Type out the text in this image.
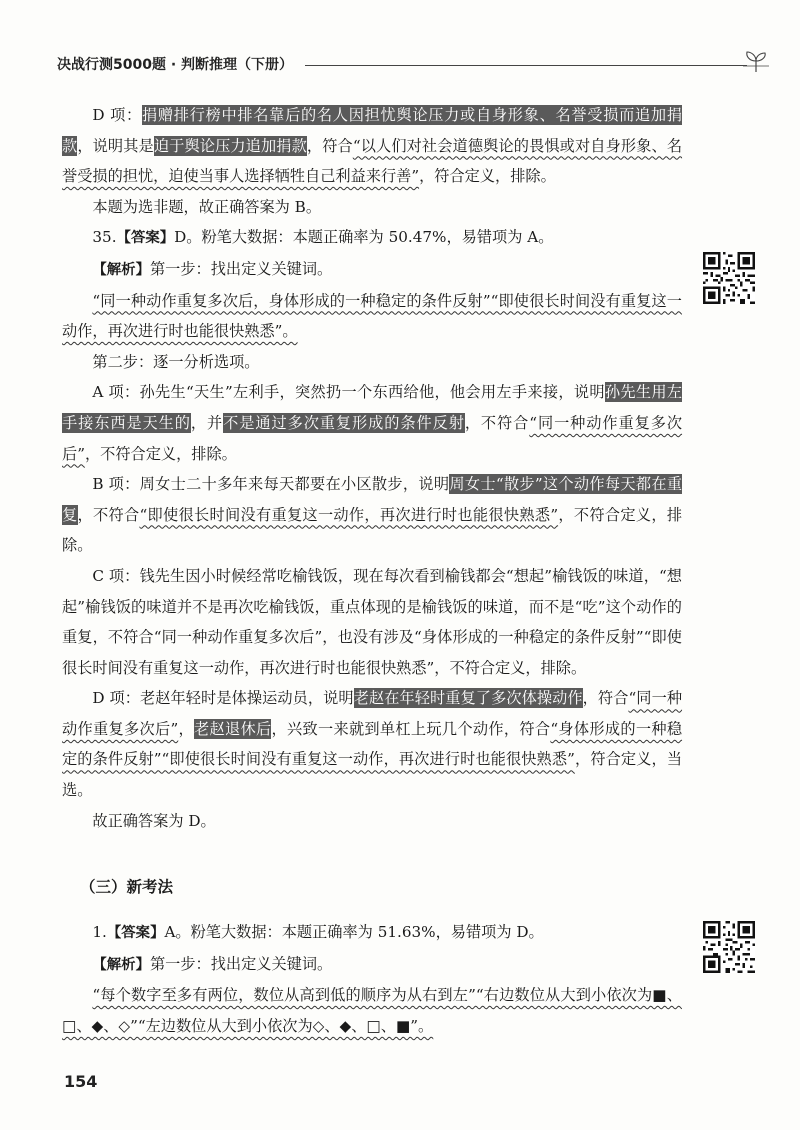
决战行测5000题 · 判断推理（下册）

D 项：捐赠排行榜中排名靠后的名人因担忧舆论压力或自身形象、名誉受损而追加捐款，说明其是迫于舆论压力追加捐款，符合“以人们对社会道德舆论的畏惧或对自身形象、名誉受损的担忧，迫使当事人选择牺牲自己利益来行善”，符合定义，排除。

本题为选非题，故正确答案为 B。

35.【答案】D。粉笔大数据：本题正确率为 50.47%，易错项为 A。

【解析】第一步：找出定义关键词。

“同一种动作重复多次后，身体形成的一种稳定的条件反射”“即使很长时间没有重复这一动作，再次进行时也能很快熟悉”。

第二步：逐一分析选项。

A 项：孙先生“天生”左利手，突然扔一个东西给他，他会用左手来接，说明孙先生用左手接东西是天生的，并不是通过多次重复形成的条件反射，不符合“同一种动作重复多次后”，不符合定义，排除。

B 项：周女士二十多年来每天都要在小区散步，说明周女士“散步”这个动作每天都在重复，不符合“即使很长时间没有重复这一动作，再次进行时也能很快熟悉”，不符合定义，排除。

C 项：钱先生因小时候经常吃榆钱饭，现在每次看到榆钱都会“想起”榆钱饭的味道，“想起”榆钱饭的味道并不是再次吃榆钱饭，重点体现的是榆钱饭的味道，而不是“吃”这个动作的重复，不符合“同一种动作重复多次后”，也没有涉及“身体形成的一种稳定的条件反射”“即使很长时间没有重复这一动作，再次进行时也能很快熟悉”，不符合定义，排除。

D 项：老赵年轻时是体操运动员，说明老赵在年轻时重复了多次体操动作，符合“同一种动作重复多次后”，老赵退休后，兴致一来就到单杠上玩几个动作，符合“身体形成的一种稳定的条件反射”“即使很长时间没有重复这一动作，再次进行时也能很快熟悉”，符合定义，当选。

故正确答案为 D。

（三）新考法

1.【答案】A。粉笔大数据：本题正确率为 51.63%，易错项为 D。

【解析】第一步：找出定义关键词。

“每个数字至多有两位，数位从高到低的顺序为从右到左”“右边数位从大到小依次为■、□、◆、◇”“左边数位从大到小依次为◇、◆、□、■”。

154
